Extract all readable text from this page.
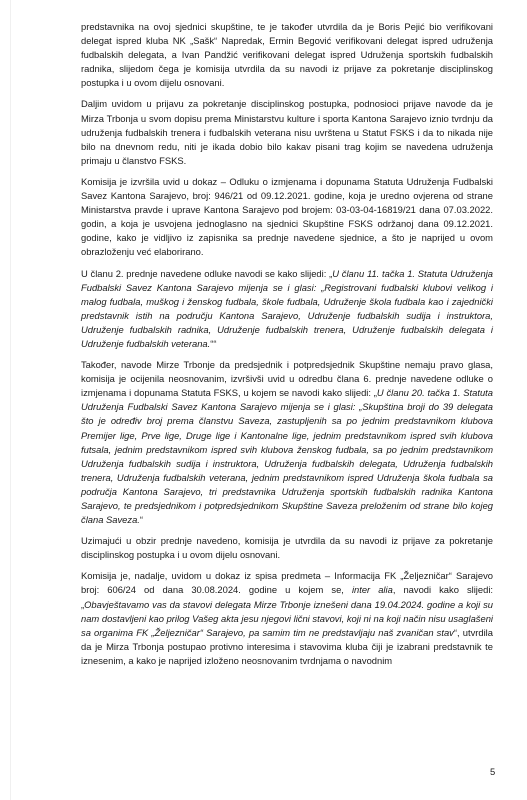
predstavnika na ovoj sjednici skupštine, te je također utvrdila da je Boris Pejić bio verifikovani delegat ispred kluba NK „Sašk“ Napredak, Ermin Begović verifikovani delegat ispred udruženja fudbalskih delegata, a Ivan Pandžić verifikovani delegat ispred Udruženja sportskih fudbalskih radnika, slijedom čega je komisija utvrdila da su navodi iz prijave za pokretanje disciplinskog postupka i u ovom dijelu osnovani.

Daljim uvidom u prijavu za pokretanje disciplinskog postupka, podnosioci prijave navode da je Mirza Trbonja u svom dopisu prema Ministarstvu kulture i sporta Kantona Sarajevo iznio tvrdnju da udruženja fudbalskih trenera i fudbalskih veterana nisu uvrštena u Statut FSKS i da to nikada nije bilo na dnevnom redu, niti je ikada dobio bilo kakav pisani trag kojim se navedena udruženja primaju u članstvo FSKS.

Komisija je izvršila uvid u dokaz – Odluku o izmjenama i dopunama Statuta Udruženja Fudbalski Savez Kantona Sarajevo, broj: 946/21 od 09.12.2021. godine, koja je uredno ovjerena od strane Ministarstva pravde i uprave Kantona Sarajevo pod brojem: 03-03-04-16819/21 dana 07.03.2022. godin, a koja je usvojena jednoglasno na sjednici Skupštine FSKS održanoj dana 09.12.2021. godine, kako je vidljivo iz zapisnika sa prednje navedene sjednice, a što je naprijed u ovom obrazloženju već elaborirano.

U članu 2. prednje navedene odluke navodi se kako slijedi: „U članu 11. tačka 1. Statuta Udruženja Fudbalski Savez Kantona Sarajevo mijenja se i glasi: „Registrovani fudbalski klubovi velikog i malog fudbala, muškog i ženskog fudbala, škole fudbala, Udruženje škola fudbala kao i zajednički predstavnik istih na području Kantona Sarajevo, Udruženje fudbalskih sudija i instruktora, Udruženje fudbalskih radnika, Udruženje fudbalskih trenera, Udruženje fudbalskih delegata i Udruženje fudbalskih veterana.““

Također, navode Mirze Trbonje da predsjednik i potpredsjednik Skupštine nemaju pravo glasa, komisija je ocijenila neosnovanim, izvršivši uvid u odredbu člana 6. prednje navedene odluke o izmjenama i dopunama Statuta FSKS, u kojem se navodi kako slijedi: „U članu 20. tačka 1. Statuta Udruženja Fudbalski Savez Kantona Sarajevo mijenja se i glasi: „Skupština broji do 39 delegata što je određiv broj prema članstvu Saveza, zastupljenih sa po jednim predstavnikom klubova Premijer lige, Prve lige, Druge lige i Kantonalne lige, jednim predstavnikom ispred svih klubova futsala, jednim predstavnikom ispred svih klubova ženskog fudbala, sa po jednim predstavnikom Udruženja fudbalskih sudija i instruktora, Udruženja fudbalskih delegata, Udruženja fudbalskih trenera, Udruženja fudbalskih veterana, jednim predstavnikom ispred Udruženja škola fudbala sa područja Kantona Sarajevo, tri predstavnika Udruženja sportskih fudbalskih radnika Kantona Sarajevo, te predsjednikom i potpredsjednikom Skupštine Saveza preloženim od strane bilo kojeg člana Saveza.“

Uzimajući u obzir prednje navedeno, komisija je utvrdila da su navodi iz prijave za pokretanje disciplinskog postupka i u ovom dijelu osnovani.

Komisija je, nadalje, uvidom u dokaz iz spisa predmeta – Informacija FK „Željezničar“ Sarajevo broj: 606/24 od dana 30.08.2024. godine u kojem se, inter alia, navodi kako slijedi: „Obavještavamo vas da stavovi delegata Mirze Trbonje iznešeni dana 19.04.2024. godine a koji su nam dostavljeni kao prilog Vašeg akta jesu njegovi lični stavovi, koji ni na koji način nisu usaglašeni sa organima FK „Željezničar“ Sarajevo, pa samim tim ne predstavljaju naš zvaničan stav“, utvrdila da je Mirza Trbonja postupao protivno interesima i stavovima kluba čiji je izabrani predstavnik te iznesenim, a kako je naprijed izloženo neosnovanim tvrdnjama o navodnim

5
